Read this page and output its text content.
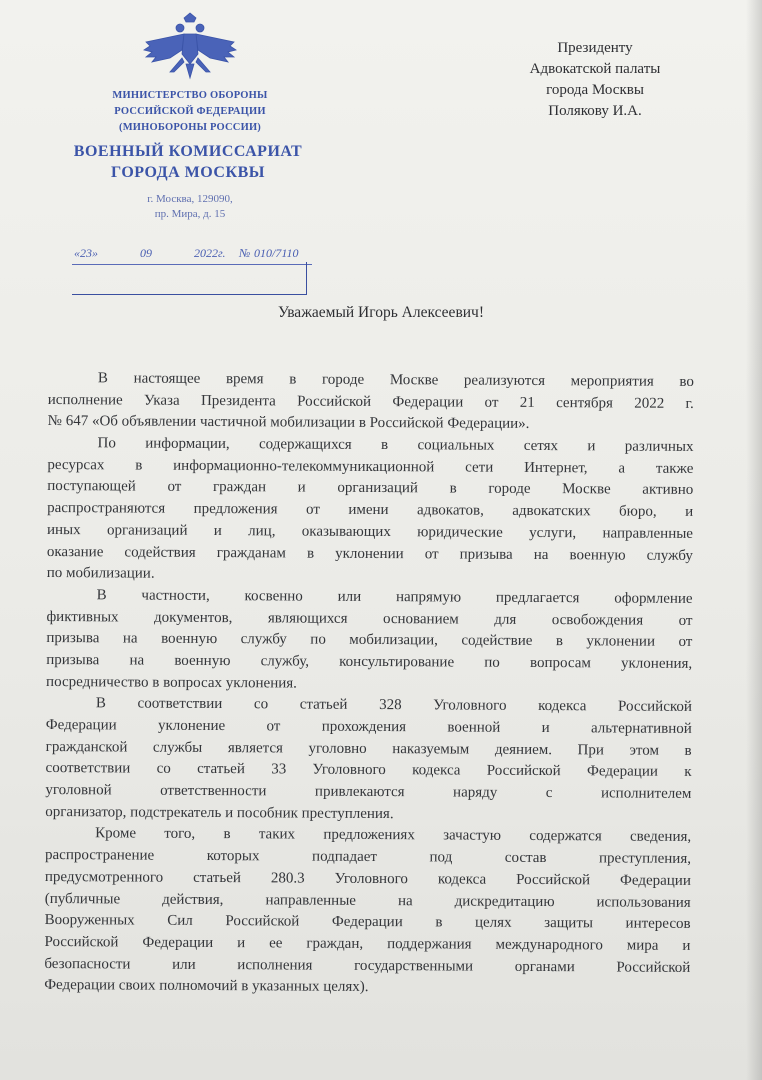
МИНИСТЕРСТВО ОБОРОНЫ
РОССИЙСКОЙ ФЕДЕРАЦИИ
(МИНОБОРОНЫ РОССИИ)
ВОЕННЫЙ КОМИССАРИАТ
ГОРОДА МОСКВЫ
г. Москва, 129090,
пр. Мира, д. 15
«23»	09	2022г. № 010/7110
Президенту
Адвокатской палаты
города Москвы
Полякову И.А.
Уважаемый Игорь Алексеевич!
В настоящее время в городе Москве реализуются мероприятия во
исполнение Указа Президента Российской Федерации от 21 сентября 2022 г.
№ 647 «Об объявлении частичной мобилизации в Российской Федерации».
По информации, содержащихся в социальных сетях и различных
ресурсах в информационно-телекоммуникационной сети Интернет, а также
поступающей от граждан и организаций в городе Москве активно
распространяются предложения от имени адвокатов, адвокатских бюро, и
иных организаций и лиц, оказывающих юридические услуги, направленные
оказание содействия гражданам в уклонении от призыва на военную службу
по мобилизации.
В частности, косвенно или напрямую предлагается оформление
фиктивных документов, являющихся основанием для освобождения от
призыва на военную службу по мобилизации, содействие в уклонении от
призыва на военную службу, консультирование по вопросам уклонения,
посредничество в вопросах уклонения.
В соответствии со статьей 328 Уголовного кодекса Российской
Федерации уклонение от прохождения военной и альтернативной
гражданской службы является уголовно наказуемым деянием. При этом в
соответствии со статьей 33 Уголовного кодекса Российской Федерации к
уголовной ответственности привлекаются наряду с исполнителем
организатор, подстрекатель и пособник преступления.
Кроме того, в таких предложениях зачастую содержатся сведения,
распространение которых подпадает под состав преступления,
предусмотренного статьей 280.3 Уголовного кодекса Российской Федерации
(публичные действия, направленные на дискредитацию использования
Вооруженных Сил Российской Федерации в целях защиты интересов
Российской Федерации и ее граждан, поддержания международного мира и
безопасности или исполнения государственными органами Российской
Федерации своих полномочий в указанных целях).
